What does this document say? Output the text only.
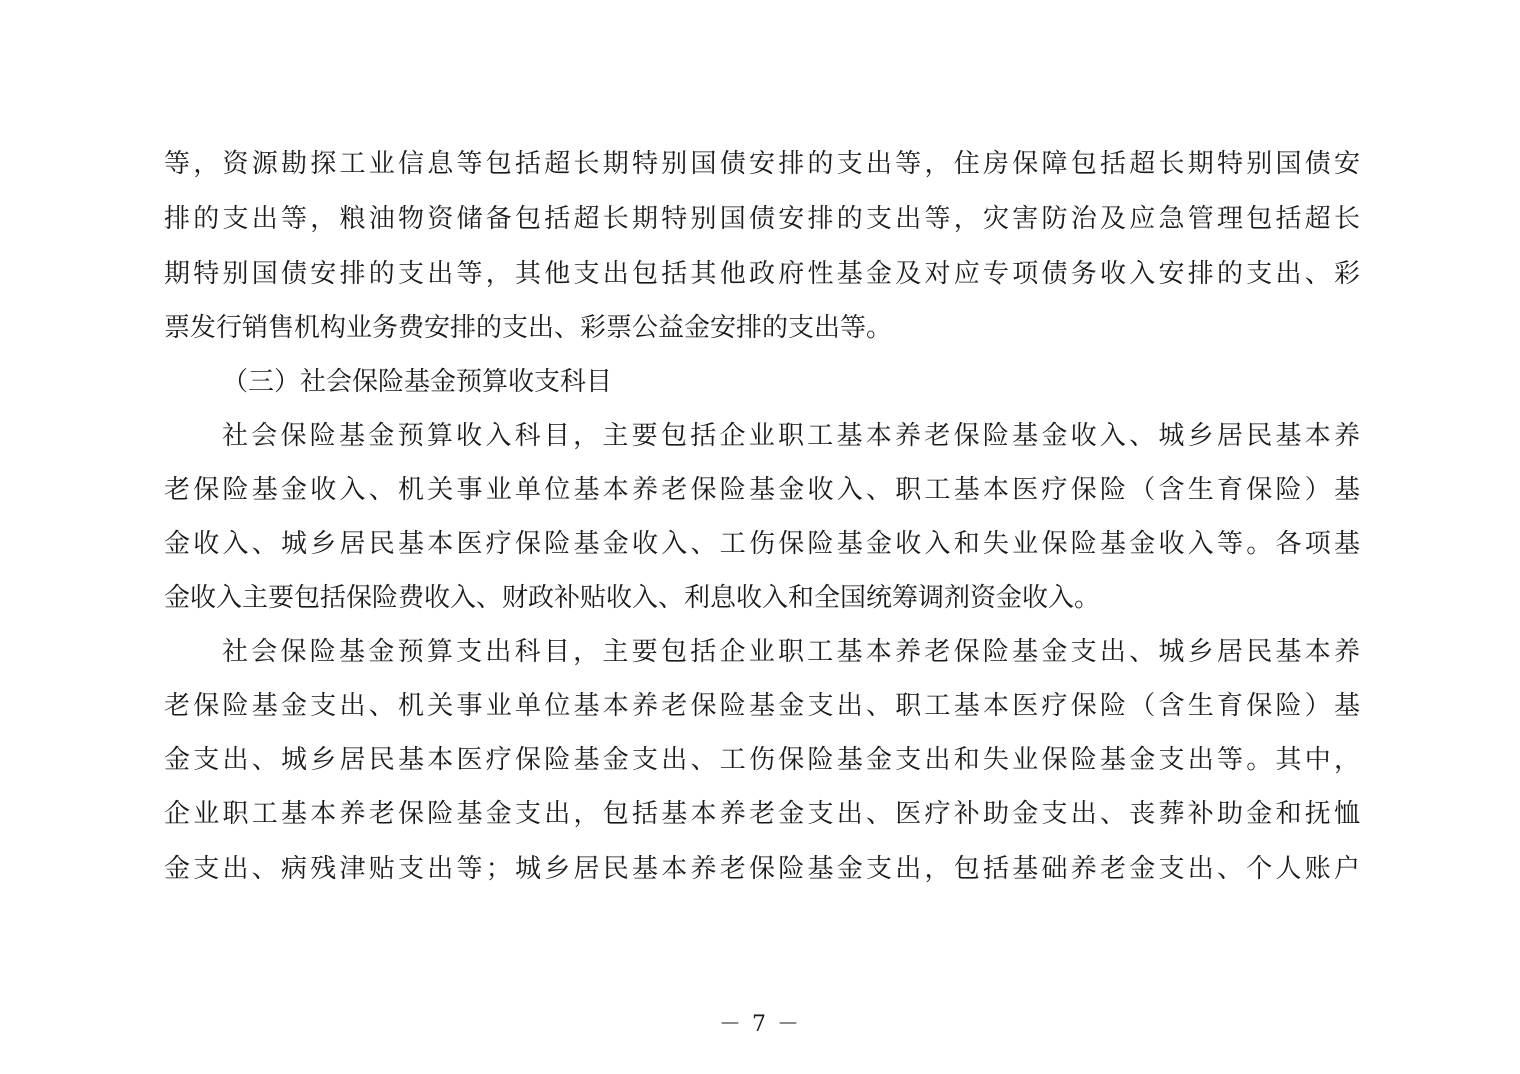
等，资源勘探工业信息等包括超长期特别国债安排的支出等，住房保障包括超长期特别国债安
排的支出等，粮油物资储备包括超长期特别国债安排的支出等，灾害防治及应急管理包括超长
期特别国债安排的支出等，其他支出包括其他政府性基金及对应专项债务收入安排的支出、彩
票发行销售机构业务费安排的支出、彩票公益金安排的支出等。
（三）社会保险基金预算收支科目
社会保险基金预算收入科目，主要包括企业职工基本养老保险基金收入、城乡居民基本养
老保险基金收入、机关事业单位基本养老保险基金收入、职工基本医疗保险（含生育保险）基
金收入、城乡居民基本医疗保险基金收入、工伤保险基金收入和失业保险基金收入等。各项基
金收入主要包括保险费收入、财政补贴收入、利息收入和全国统筹调剂资金收入。
社会保险基金预算支出科目，主要包括企业职工基本养老保险基金支出、城乡居民基本养
老保险基金支出、机关事业单位基本养老保险基金支出、职工基本医疗保险（含生育保险）基
金支出、城乡居民基本医疗保险基金支出、工伤保险基金支出和失业保险基金支出等。其中，
企业职工基本养老保险基金支出，包括基本养老金支出、医疗补助金支出、丧葬补助金和抚恤
金支出、病残津贴支出等；城乡居民基本养老保险基金支出，包括基础养老金支出、个人账户
－ 7 －
